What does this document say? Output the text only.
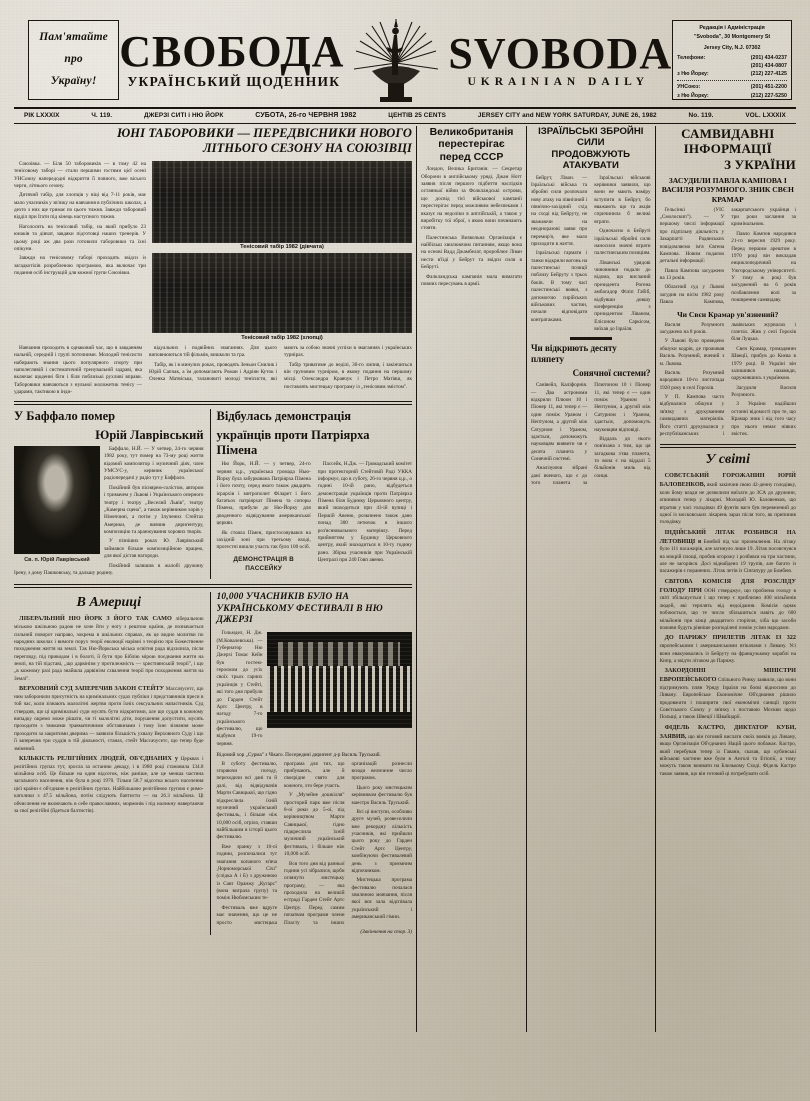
Пам'ятайте
про
Україну!
СВОБОДА
УКРАЇНСЬКИЙ ЩОДЕННИК
SVOBODA
UKRAINIAN DAILY
Редакція і Адміністрація
"Svoboda", 30 Montgomery St
Jersey City, N.J. 07302
Телефони:	(201) 434-0237
(201) 434-0807
з Ню Йорку:	(212) 227-4125
УНСоюз:	(201) 451-2200
з Ню Йорку:	(212) 227-5250
РІК LXXXIX	Ч. 119.	ДЖЕРЗІ СИТІ і НЮ ЙОРК	СУБОТА, 26-го ЧЕРВНЯ 1982	ЦЕНТІВ 25 CENTS	JERSEY CITY and NEW YORK SATURDAY, JUNE 26, 1982	No. 119.	VOL. LXXXIX
ЮНІ ТАБОРОВИКИ — ПЕРЕДВІСНИКИ НОВОГО
ЛІТНЬОГО СЕЗОНУ НА СОЮЗІВЦІ

Союзівка. — Біля 50 таборовиків — в тому 42 на тенісовому таборі — стали першими гостями цієї осені УНСоюзу напередодні відкриття її повного, вже вісього черги, літнього сезону.

Дитячий табір, для хлопців у віці від 7-11 років, має мало учасників у зв'язку на навчання в публічних школах, а дехто з них ще тримає по цього тижня. Завжди таборовий відділ при Ігати під кінець наступного тижня.

Наголосять на тенісовий табір, на який прибуло 23 юнаків та дівчат, завдяки підготовці наших тренерів. У цьому році аж два рази готовили таборовики та їхні опікуни.

Завжди на тенісовому таборі проходять звідси із загадкотілів розробленою програмою, яка включає три подання осіб інструкцій для кожної групи Союзівки.

Тенісовий табір 1982 (дівчата)
Тенісовий табір 1982 (хлопці)

Навчання проходить в однаковий час, що в завданням нальній, середній і групі поточними. Молодий тенісисти набирають знання цього популярного спорту при наполегливій і систематичній тренувальній задраві, яка включає щоденні біги і біля поблизькі рухливі вправи. Таборовики навчаються з нульної жоложетик тенісу — ударами, тактикою в інди-

відуальних і подвійних змаганнях. Для цього виповнюються тій фільмів, вишколи та гра.

Табір, як і в минулих роках, проводять Зеньон Снилик і Юрій Сапчак, а їм допомагають Роман і Адріян Куток і Оленка Матвіська, талановиті молоді тенісисти, які мають за собою значні успіхи в змаганнях і українських турнірах.

Табір триватиме до неділі, 30-го липня, і закінчиться він груповим турніром, в якому подання на першому місці. Олександра Кравчук і Петро Матіяш, як поставлять мистецьку програму із „тенісовим змістом".

У Баффало помер
Юрій Лаврівський

Баффало, Н.Й. — У четвер, 24-го червня 1982 року, тут помер на 73-му році життя відомий композитор і музичний діяч, член УМСУС-у, кервник української радіопередачі у радіо тут у Баффало.

Покійний був піснярем-солістом, автором і тримачем у Львові і Українського оперного театру і театру „Веселий Львів", театру „Камерна сцена", а також керівником хорів у Німеччині, а потім у Злучених Стейтах Америки, де вивчив дириґентуру, композицію та аранжування хорових творів.

Св. п. Юрій Лаврівський

У пізніших роках Ю. Лаврівський займався більше композиційною працею, для якої дістав нагороди.

Покійний залишив в жалобі дружину Ірену, з дому Пашковську, та дальшу родину.

Відбулась демонстрація
українців проти Патріярха Пімена

Ню Йорк, Н.Й. — у четвер, 24-го червня ц.р., українська громада Нью-Йорку була забуркована Патріярха Пімена і його почту, серед якого також двадцять ієрархів і митрополит Філарет і його багатьох патріярхат Пімена та сопоры Пімена, прибули до Ню-Йорку для дводенного відвідування американської церкви.

Як стояла Пімен, пристосовувався на західній зоні при третьому вході, прогестні вишли участь так було 100 осіб.

ДЕМОНСТРАЦІЯ В ПАССЕЙКУ

Пассейк, Н.Дж. — Громадський комітет при протекторній Стейтовій Раді УККА інформує, що в суботу, 26-го червня ц.р., о годині 10-ій рано, відбудеться демонстрація українців проти Патріярха Пімена біля Будинку Церковного центру, який знаходиться при 43-ій вулиці і Першій Авеню, розкинено також дано понад 300 летючок в іншого роз'яснювального матеріялу. Перед прийняттям у Будинку Церковного центру, який знаходиться в 10-ту годину рано. Збірка учасників при Українській Централі при 240 Говп авеню.

В Америці

ЛІБЕРАЛЬНИЙ НЮ ЙОРК З ЙОГО ТАК САМО ліберальною міською шкільною радою не хоче йти у ногу з рештою країни, де позначається сильний поворот направо, зокрема в шкільних справах, як це видно молитви по народних школах і вимоги порух теорії еволюції нарівні з теорією про Божественне походження життя на землі. Так Ню-Йоркська міська освітня рада відхилила, після перегляду, під приводом і в болоті, її бути про Біблію мірою поєднання життя на землі, на тій підставі, „що дарвінізм у протилежність — християнській теорії", і що „в кожному разі рада знайшла дарвінізм схвалення теорії про походження життя на Землі".

ВЕРХОВНИЙ СУД ЗАПЕРЕЧИВ ЗАКОН СТЕЙТУ Массачусетс, що ним заборонили присутність на кримінальних судах публіки і представників преси в той час, коли зізнають малолітні жертви проти їхніх сексуальних напастників. Суд ствердив, що ці кримінальні суди мусять бути відкритими, але що суддя в кожному випадку окремо може рішати, чи ті малолітні діти, порушення допустити, мусять проходити з тяжкими травматичними обставинами і тому їхнє зізнання може проходити за закритими дверима — заявили більшість ухвалу Верховного Суду і що її заперечив три суддів в тій діяльності, станах, стейт Массачусетс, що тепер буде змінений.

КІЛЬКІСТЬ РЕЛІГІЙНИХ ЛЮДЕЙ, ОБ'ЄДНАНИХ у Церквах і релігійних групах тут, зросла за останню декаду, і в 1980 році становила 134.8 мільйона осіб. Це більше на один відсоток, ніж раніше, але це менша частина загального населення, ніж була в році 1970. Тільки 58.7 відсотка всього населення цієї країни є об'єднане в релігійних групах. Найбільшою релігійною групою є римо-католики з 47.5 мільйона, потім слідують баптисти — на 26.3 мільйона. Ці обчислення не включають в себе православних, мормонів і під належну навертаючи за свої релігійні (йдеться балтистів).

10,000 УЧАСНИКІВ БУЛО НА УКРАЇНСЬКОМУ ФЕСТИВАЛІ В НЮ ДЖЕРЗІ

Гольмдел, Н. Дж. (М.Ковалевська). — Губернатор Ню Джерзі Томас Кейн був гостем-героємом до усіх своїх трьох гарних українців у Стейті, які того дня прибули до Гарден Стейт Артс Центру, в нагоду 7-го українського фестивалю, що відбувся 19-го червня.

Відомий хор „Сурма" з Чікаґо. Посередині дириґент д-р Василь Труський.

В суботу фестивалю, згоряючи погоду, переходили всі дані та й далі, від відвідувачів Марти Савицької, що гідно підкреслила їхній музичний український фестиваль, і більше ніж 10,000 осіб, огріло, ставши найбільшим в історії цього фестивалю.

Вже зранку з 10-ої години, розпочалися тут змагання копаного м'яча „Чорноморської Січі" (слідка А і Б) з дружиною із Савт Оранжу „Кугарс" (вона виграла групу) та поміж Нюбомським те-

Фестиваль вже вдруге має значення, що це не просто мистецька програма для тих, що прибувають, але й своєрідне свято для кожного, хто бере участь.

У „Музейне дошкілля" просторий парк вже після 8-ої роки до 5-ої, під керівництвом Марти Савицької, гідно підкреслила їхній музичний український фестиваль, і більше ніж 10,000 осіб.

Вся того дня від ранньої години усі зібралися, щоби оглянути мистецьку програму, — яка проходила на великій естраді Гарден Стейт Артс Центру. Перед самим початком програми члени Пласту та інших організацій рознесли всюди величезне число програмок.

Цього року мистецьким керівником фестивалю був маестро Василь Труський.

Всі ці виступи, особливо друге музей, розвеселили вже рекордну кількість учасників, які прийшли цього року до Гарден Стейт Артс Центру, комбінуючи фестивалевий день з приємним відпочинком.

Мистецька програма фестивалю почалася хвилиною мовчання, після якої вся зала відспівала український і американський гімни.

(Закінчення на стор. 3)
Великобританія
перестерігає
перед СССР

Лондон, Велика Британія. — Секретар Оборони в англійському уряді, Джан Нотт заявив після першого підбиття наслідків останньої війни за Фолкландські острови, що досвід тієї військової кампанії перестерігає перед можливим небезпеками і вказує на недоліки в англійській, а також у виробітку тої зброї, з якою вони починають стояти.

Палестинська Визвольна Організація є найбільш хвилюючим питанням, якщо вона на основі Вадд Джамбелат, пророблює Ліван нести в'їзді у Бейрут та звідси сили в Бейруті.

Фалкландська кампанія мала вимагати повних пересувань в армії.

ІЗРАЇЛЬСЬКІ ЗБРОЙНІ СИЛИ
ПРОДОВЖУЮТЬ АТАКУВАТИ

Бейрут, Ліван. — Ізраїльські війська та збройні сили розпочали нову атаку на північний і північно-західний схід на сході від Бейруту, не зважаючи на неодноразові заяви про перемир'я, яке мало приходити в життя.

Ізраїльські гармати і танки відкрили вогонь на палестинські позиції поблизу Бейруту з трьох боків. В тому часі палестинські вояки, з допомогою сирійських військових частин, почали відповідати контратаками.

Ізраїльські військові керівники заявили, що вони не мають наміру вступити в Бейрут, бо вважають що та акція спричинила б великі втрати.

Одночасно в Бейруті ізраїльські збройні сили наносили значні втрати палестинським позиціям.

Ліванські урядові чиновники подали до відома, що висланий президента Рогена амбасадор Філіп Габіб, відбувши довшу конференцію з президентом Ліваном, Елісоном Саркісом, виїхав до Ізраїля.

Чи відкриють десяту пляпету
Сонячної системи?

Санівейл, Каліфорнія. — Два астрономи відкрили Плюон 10 і Піонер 11, які тепер є — один поміж Ураном і Нептуном, а другий між Сатурном і Ураном, здається, допоможуть науковцям виявити чи є десята планета у Сонячній системі.

Аналізуючи зібрані дані вченого, що є до того планета за Плютоном 10 і Піонер 11, які тепер є — один поміж Ураном і Нептуном, а другий між Сатурном і Ураном, здається, допоможуть науковцям відповіді.

Віддаль до нього пов'язана з тим, що ця загадкова з'єва планета, то вона є на віддалі 5 більйонів миль від сонця.

САМВИДАВНІ ІНФОРМАЦІЇ

З УКРАЇНИ
ЗАСУДИЛИ ПАВЛА КАМПОВА І ВАСИЛЯ РОЗУМНОГО. ЗНИК СВЄН КРАМАР

Гельсінкі (УІС „Смолоскип"). — У першому числі інформації про підпільну діяльність у Закарпатті Радянських повідомляємо ім'я Євгена Кампова. Новим подаємо детальні інформації:

Павла Кампова засуджено на 13 років.

Обласний суд у Львові засудив на вісім 1982 року Павла Кампова, закарпатського українця і три роки заслання за кримінальною.

Павло Кампов народився 21-го вересня 1929 року. Перед першим арештом в 1970 році він викладав енциклопедичний на Ужгородському університеті. У тому ж році був засуджений на 6 років позбавлення волі за поширення самвидаву.

Чи Свєн Крамар ув'язнений?

Василя Розумного засуджено на 8 років.

У Львові було проведено обшуки кодрів, де проживав Василь Розумний, вчений з м. Львова.

Василь Розумний народився 10-го листопада 1920 року в селі Горохів.

У П. Кампова часто відбувалися обшуки у зв'язку з друкуванням самвидавних матеріялів. Його статті друкувалися у республіканських і львівських журналах і газетах. Жив у селі Горохів біля Луцька.

Свєн Крамар, громадянин Швеції, прибув до Києва в 1979 році. В Україні він залишився назавжди, одружившись з українкою.

Засудили Василя Розумного.

З України надійшли останні відомості про те, що Крамар зник і від того часу про нього немає ніяких звісток.

У світі

СОВЄТСЬКИЙ ГОРОЖАНИН ЮРІЙ БАЛОВЕНКОВ, який закінчив свою 42-денну голодівку, коли йому влади не дозволили виїхати до ЗСА до дружини, опинився тепер у лікарні. Молодий Ю. Баловенков, що втратив у часі голодівки 49 фунтів ваги був перевезений до одної із московських лікарень зараз після того, як припинив голодівку.

ІНДІЙСЬКИЙ ЛІТАК РОЗБИВСЯ НА ЛЕТОВИЩІ в Бомбей під час приземлення. На літаку було 111 пасажирів, але загинуло лише 19. Літак посовгнувся на мокрій площі, пробив огорожу і розбився на три частини, але не загорівся. Досі віднайдено 19 трупів, але багато із пасажирів є поранених. Літак летів із Сінґапуру до Бомбею.

СВІТОВА КОМІСІЯ ДЛЯ РОЗСЛІДУ ГОЛОДУ ПРИ ООН стверджує, що проблема голоду в світі збільшується і що тепер є приблизно 400 мільйонів людей, які терплять від недоїдання. Комісія однак побоюється, що те число збільшиться навіть до 600 мільйонів при кінці двадцятого сторіччя, хіба що засоби поживи будуть рівніше розподілені поміж усіми народами.

ДО ПАРИЖУ ПРИЛЕТІВ ЛІТАК ІЗ 322 європейськими і американськими втікачами з Ливану. Усі вони евакуювались із Бейруту на французькому кораблі на Кипр, а звідти літаком до Парижу.

ЗАКОРДОННІ МІНІСТРИ ЕВРОПЕЙСЬКОГО Спільного Ринку заявили, що вони підтримують плян Уряду Ізраїля на боєві відносини до Ливану. Европейське Економічне Об'єднання рішило продовжити і поширити свої економічні санкції проти Совєтського Союзу у зв'язку з поставою Москви щодо Польщі, а також Швеції і Швайцарії.

ФІДЕЛЬ КАСТРО, ДИКТАТОР КУБИ, ЗАЯВИВ, що він готовий вислати своїх вояків до Ливану, якщо Організація Об'єднаних Націй цього побажає. Кастро, який перебував тепер із Гавани, сказав, що кубинські військові частини вже були в Анголі та Етіопії, а тому можуть також воювати на Близькому Сході. Фідель Кастро також заявив, що він готовий ці потребувати осіб.
